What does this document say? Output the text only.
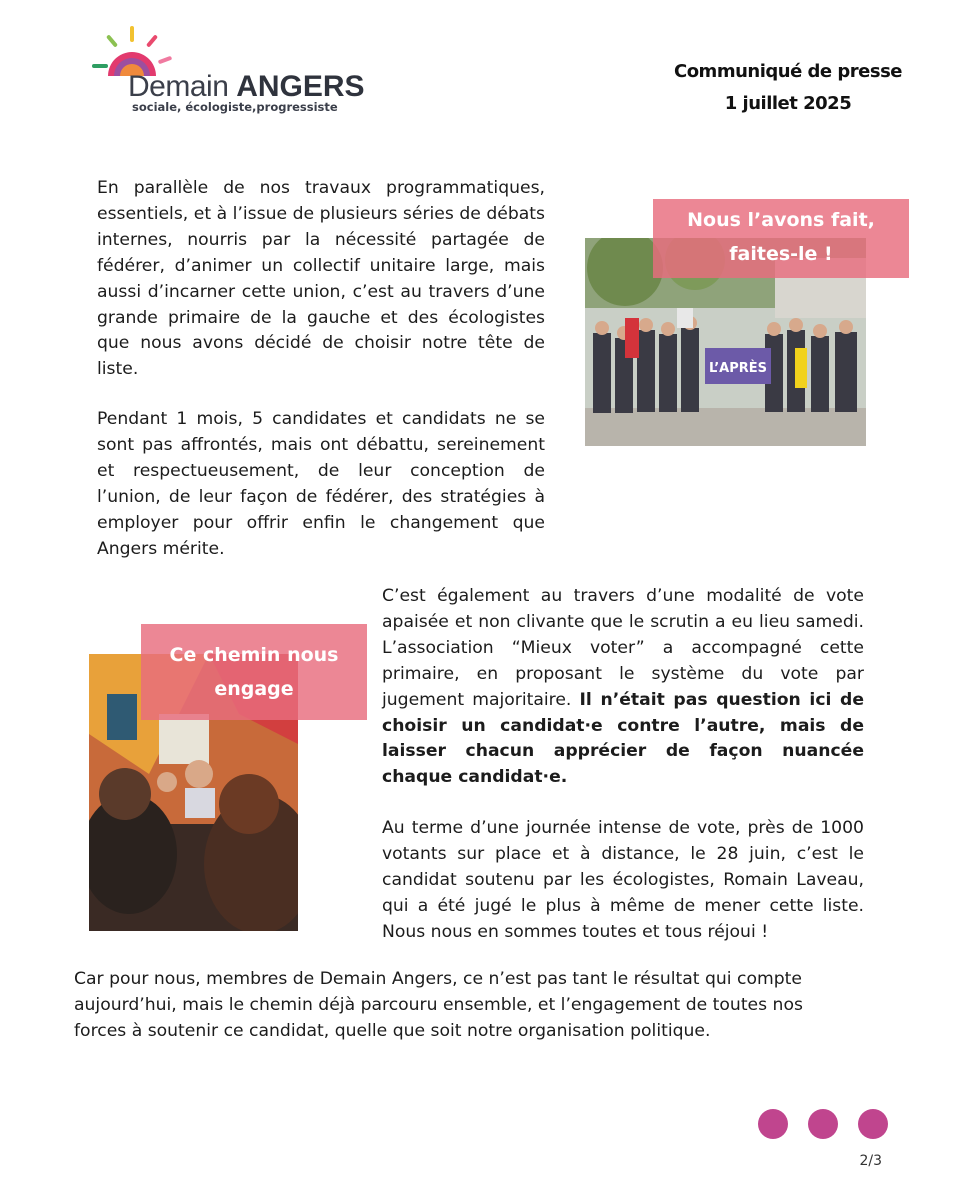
Demain ANGERS
sociale, écologiste,progressiste
Communiqué de presse
1 juillet 2025

En parallèle de nos travaux programmatiques, essentiels, et à l’issue de plusieurs séries de débats internes, nourris par la nécessité partagée de fédérer, d’animer un collectif unitaire large, mais aussi d’incarner cette union, c’est au travers d’une grande primaire de la gauche et des écologistes que nous avons décidé de choisir notre tête de liste.

Pendant 1 mois, 5 candidates et candidats ne se sont pas affrontés, mais ont débattu, sereinement et respectueusement, de leur conception de l’union, de leur façon de fédérer, des stratégies à employer pour offrir enfin le changement que Angers mérite.

C’est également au travers d’une modalité de vote apaisée et non clivante que le scrutin a eu lieu samedi. L’association “Mieux voter” a accompagné cette primaire, en proposant le système du vote par jugement majoritaire. Il n’était pas question ici de choisir un candidat·e contre l’autre, mais de laisser chacun apprécier de façon nuancée chaque candidat·e.

Au terme d’une journée intense de vote, près de 1000 votants sur place et à distance, le 28 juin, c’est le candidat soutenu par les écologistes, Romain Laveau, qui a été jugé le plus à même de mener cette liste. Nous nous en sommes toutes et tous réjoui !

Car pour nous, membres de Demain Angers, ce n’est pas tant le résultat qui compte aujourd’hui, mais le chemin déjà parcouru ensemble, et l’engagement de toutes nos forces à soutenir ce candidat, quelle que soit notre organisation politique.

L’APRÈS
Nous l’avons fait,
faites-le !
Ce chemin nous
engage
2/3
